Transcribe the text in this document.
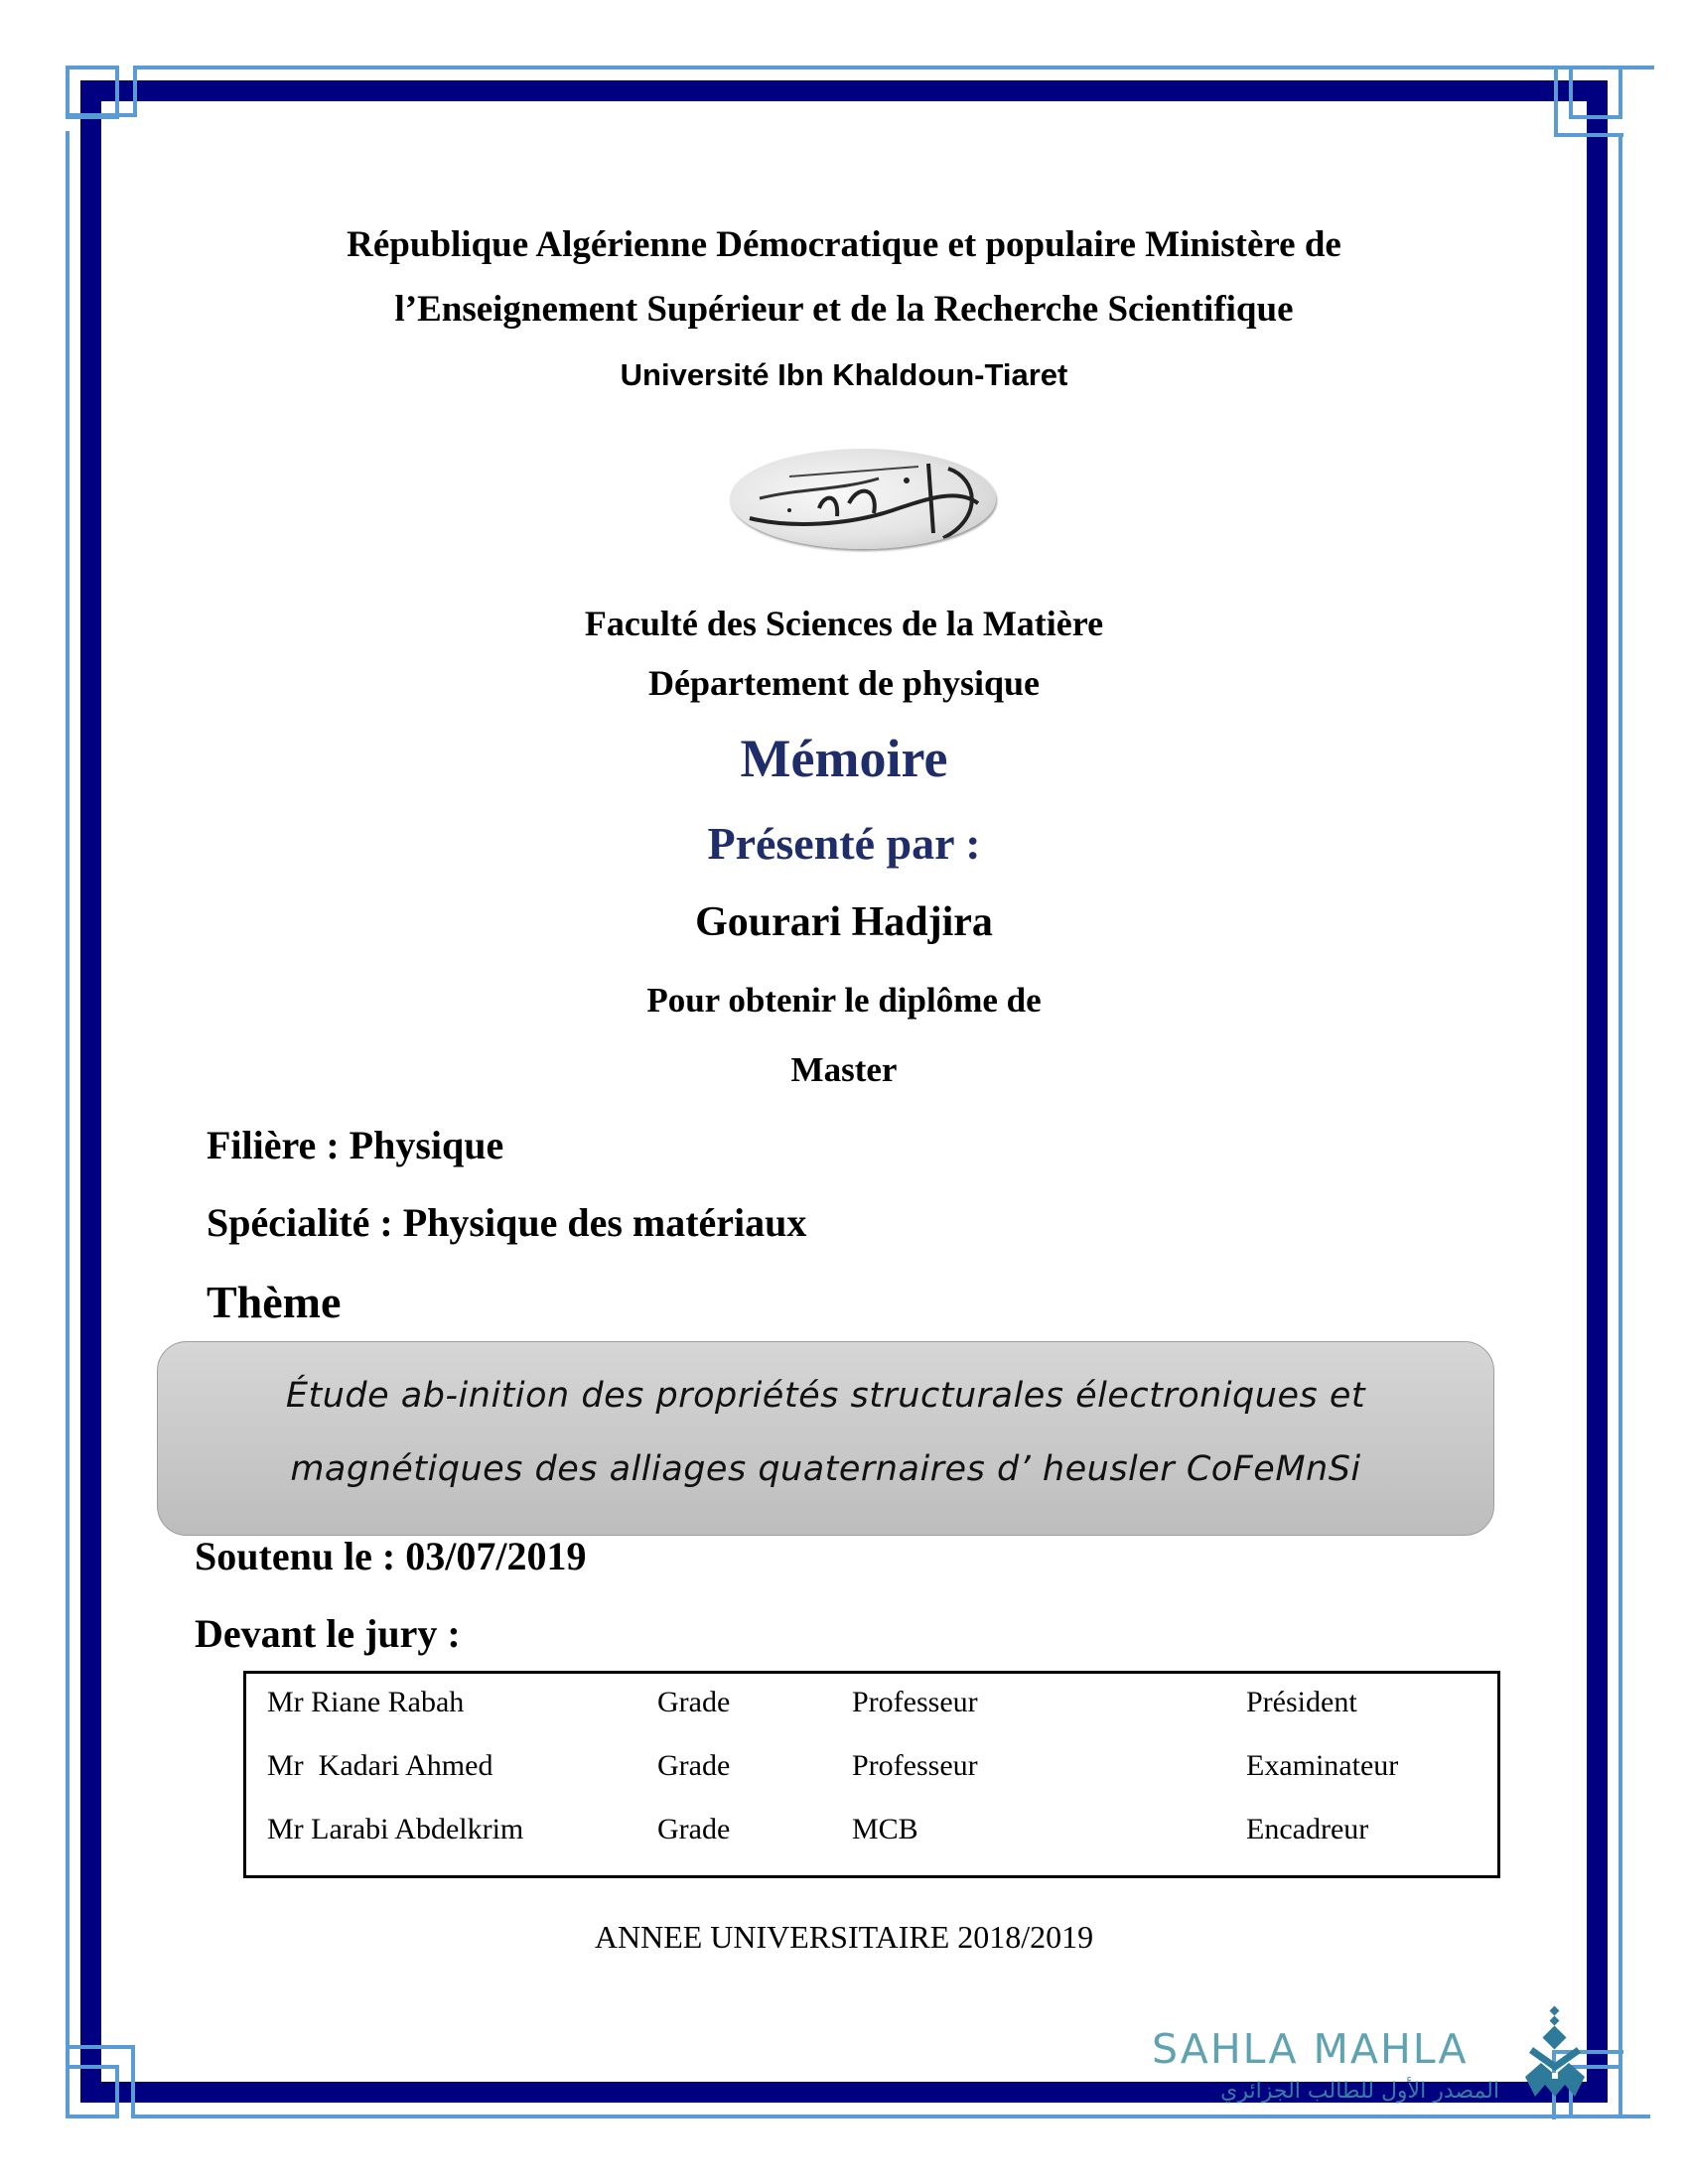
République Algérienne Démocratique et populaire Ministère de
l’Enseignement Supérieur et de la Recherche Scientifique
Université Ibn Khaldoun-Tiaret
Faculté des Sciences de la Matière
Département de physique
Mémoire
Présenté par :
Gourari Hadjira
Pour obtenir le diplôme de
Master
Filière : Physique
Spécialité : Physique des matériaux
Thème
Étude ab-inition des propriétés structurales électroniques et
magnétiques des alliages quaternaires d’ heusler CoFeMnSi
Soutenu le : 03/07/2019
Devant le jury :
Mr Riane Rabah	Grade	Professeur	Président
Mr  Kadari Ahmed	Grade	Professeur	Examinateur
Mr Larabi Abdelkrim	Grade	MCB	Encadreur
ANNEE UNIVERSITAIRE 2018/2019
SAHLA MAHLA
المصدر الأول للطالب الجزائري
